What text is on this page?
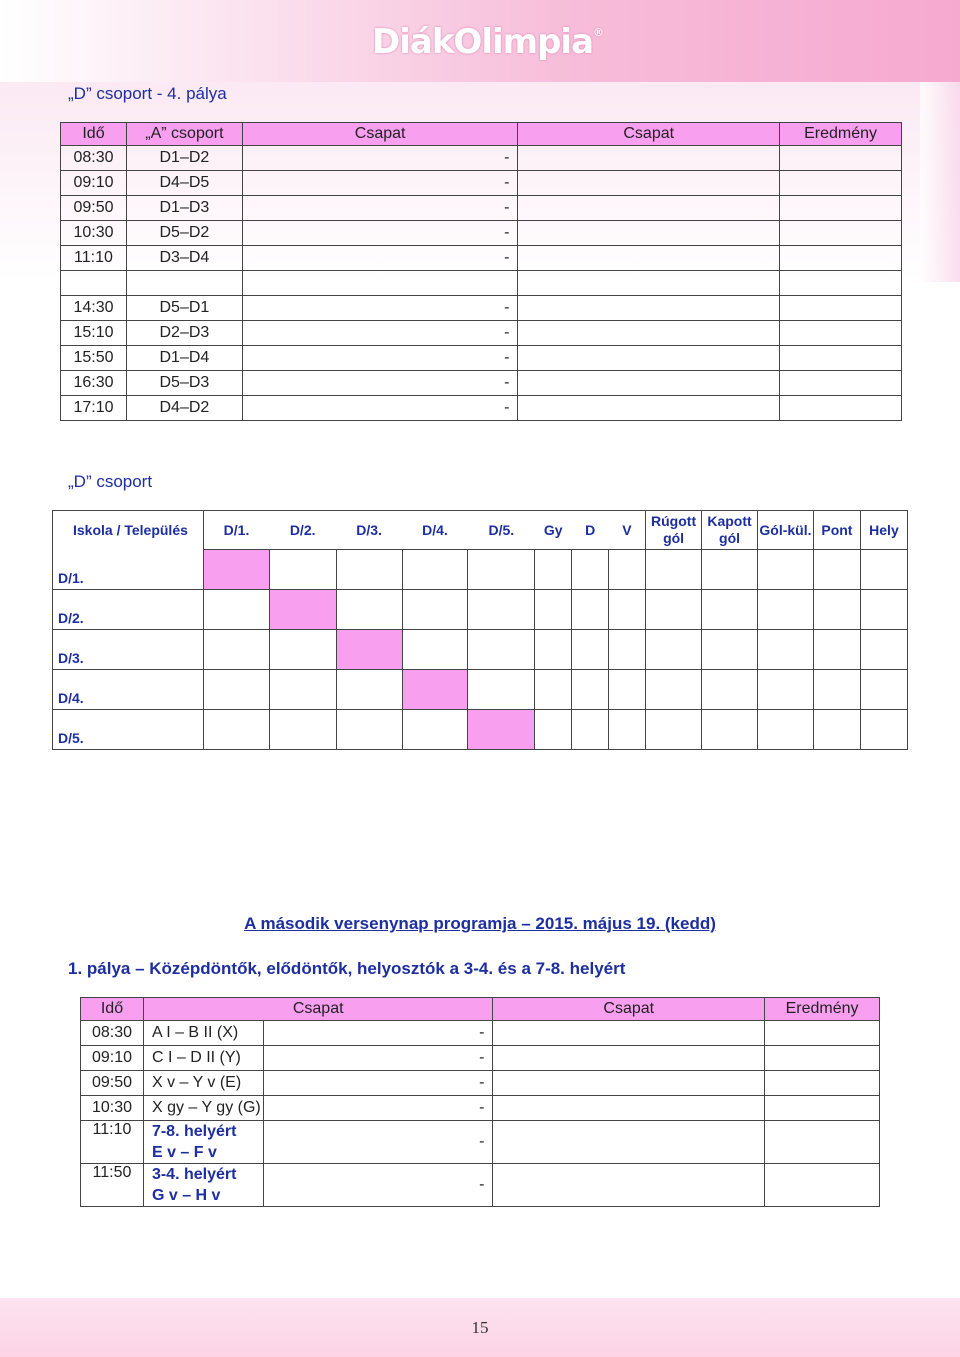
DiákOlimpia®
„D” csoport - 4. pálya
Idő	„A” csoport	Csapat	Csapat	Eredmény
08:30	D1–D2	-		
09:10	D4–D5	-		
09:50	D1–D3	-		
10:30	D5–D2	-		
11:10	D3–D4	-		

14:30	D5–D1	-		
15:10	D2–D3	-		
15:50	D1–D4	-		
16:30	D5–D3	-		
17:10	D4–D2	-		
„D” csoport
Iskola / Település	D/1.	D/2.	D/3.	D/4.	D/5.	Gy	D	V	Rúgott gól	Kapott gól	Gól-kül.	Pont	Hely
D/1.													
D/2.													
D/3.													
D/4.													
D/5.													
A második versenynap programja – 2015. május 19. (kedd)
1. pálya – Középdöntők, elődöntők, helyosztók a 3-4. és a 7-8. helyért
Idő	Csapat		Csapat	Eredmény
08:30	A I – B II (X)	-		
09:10	C I – D II (Y)	-		
09:50	X v – Y v (E)	-		
10:30	X gy – Y gy (G)	-		
11:10	7-8. helyért
E v – F v	-		
11:50	3-4. helyért
G v – H v	-		
15
